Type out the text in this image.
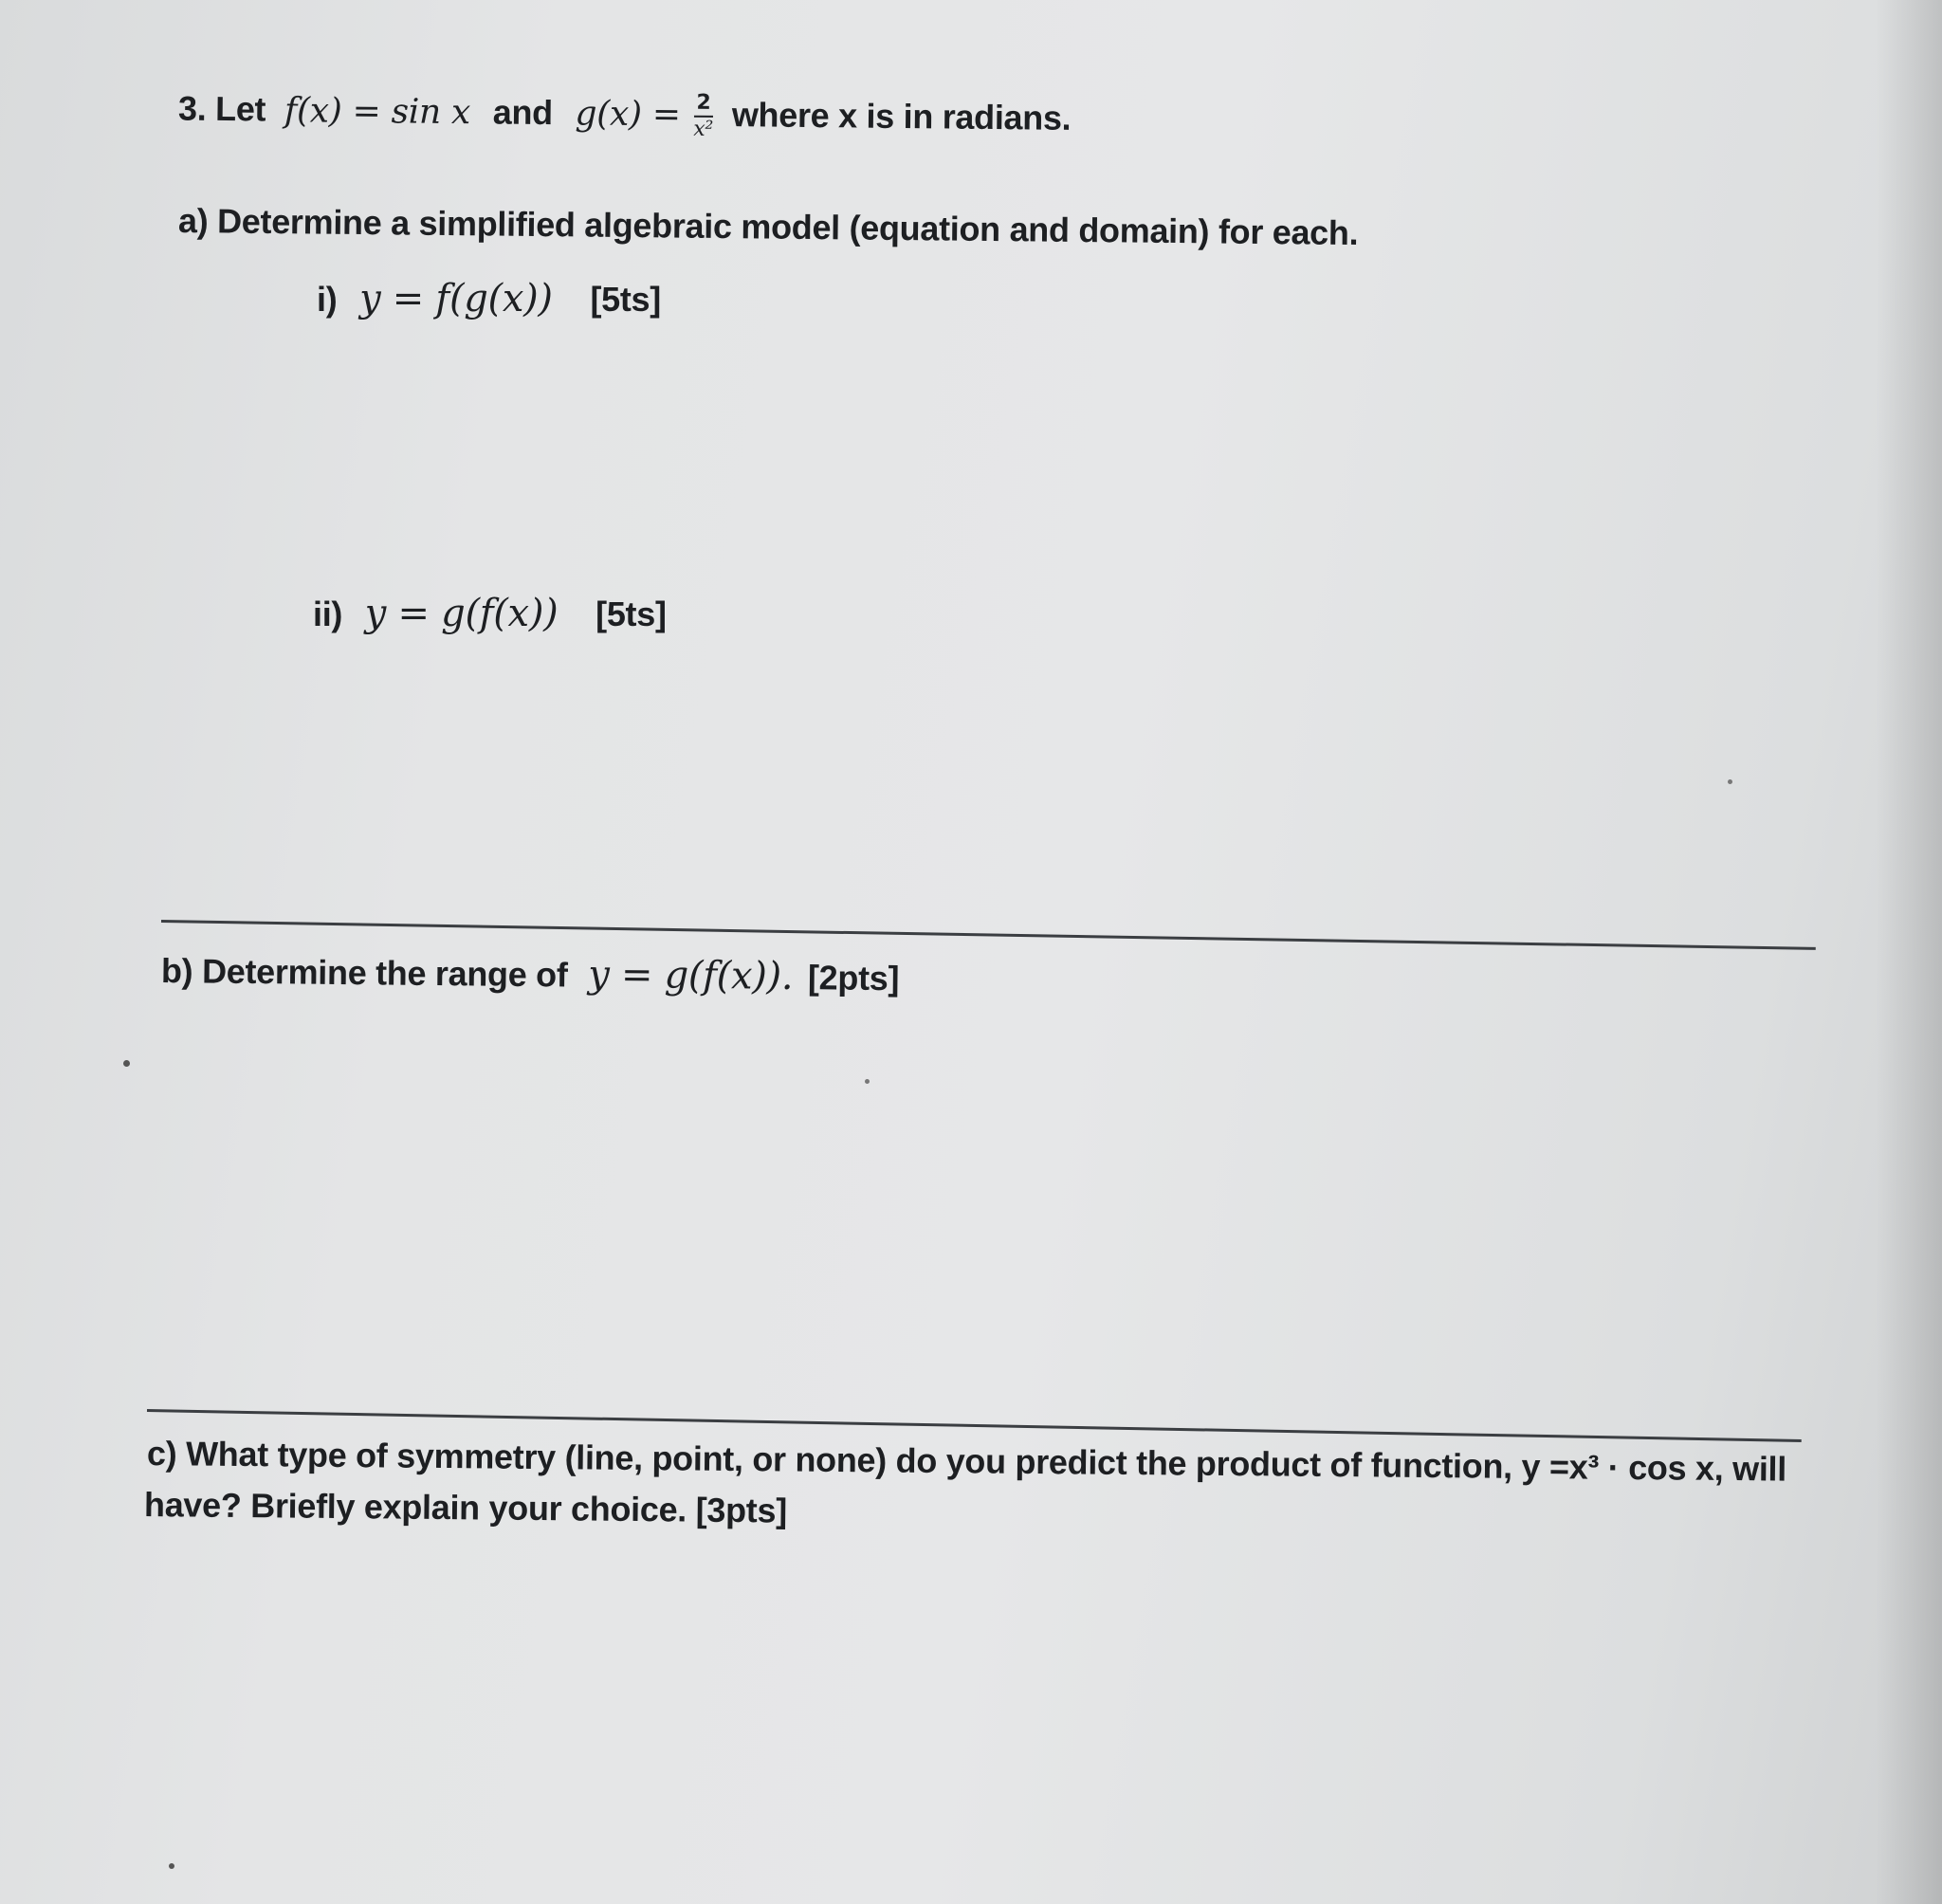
3. Let f(x) = sin x and $g(x) = \frac{2}{\text{x²}}$ where x is in radians.
a) Determine a simplified algebraic model (equation and domain) for each.
i) y = f(g(x)) [5ts]
ii) y = g(f(x)) [5ts]
b) Determine the range of y = g(f(x)). [2pts]
c) What type of symmetry (line, point, or none) do you predict the product of function, y =x³ · cos x, will
have? Briefly explain your choice. [3pts]
